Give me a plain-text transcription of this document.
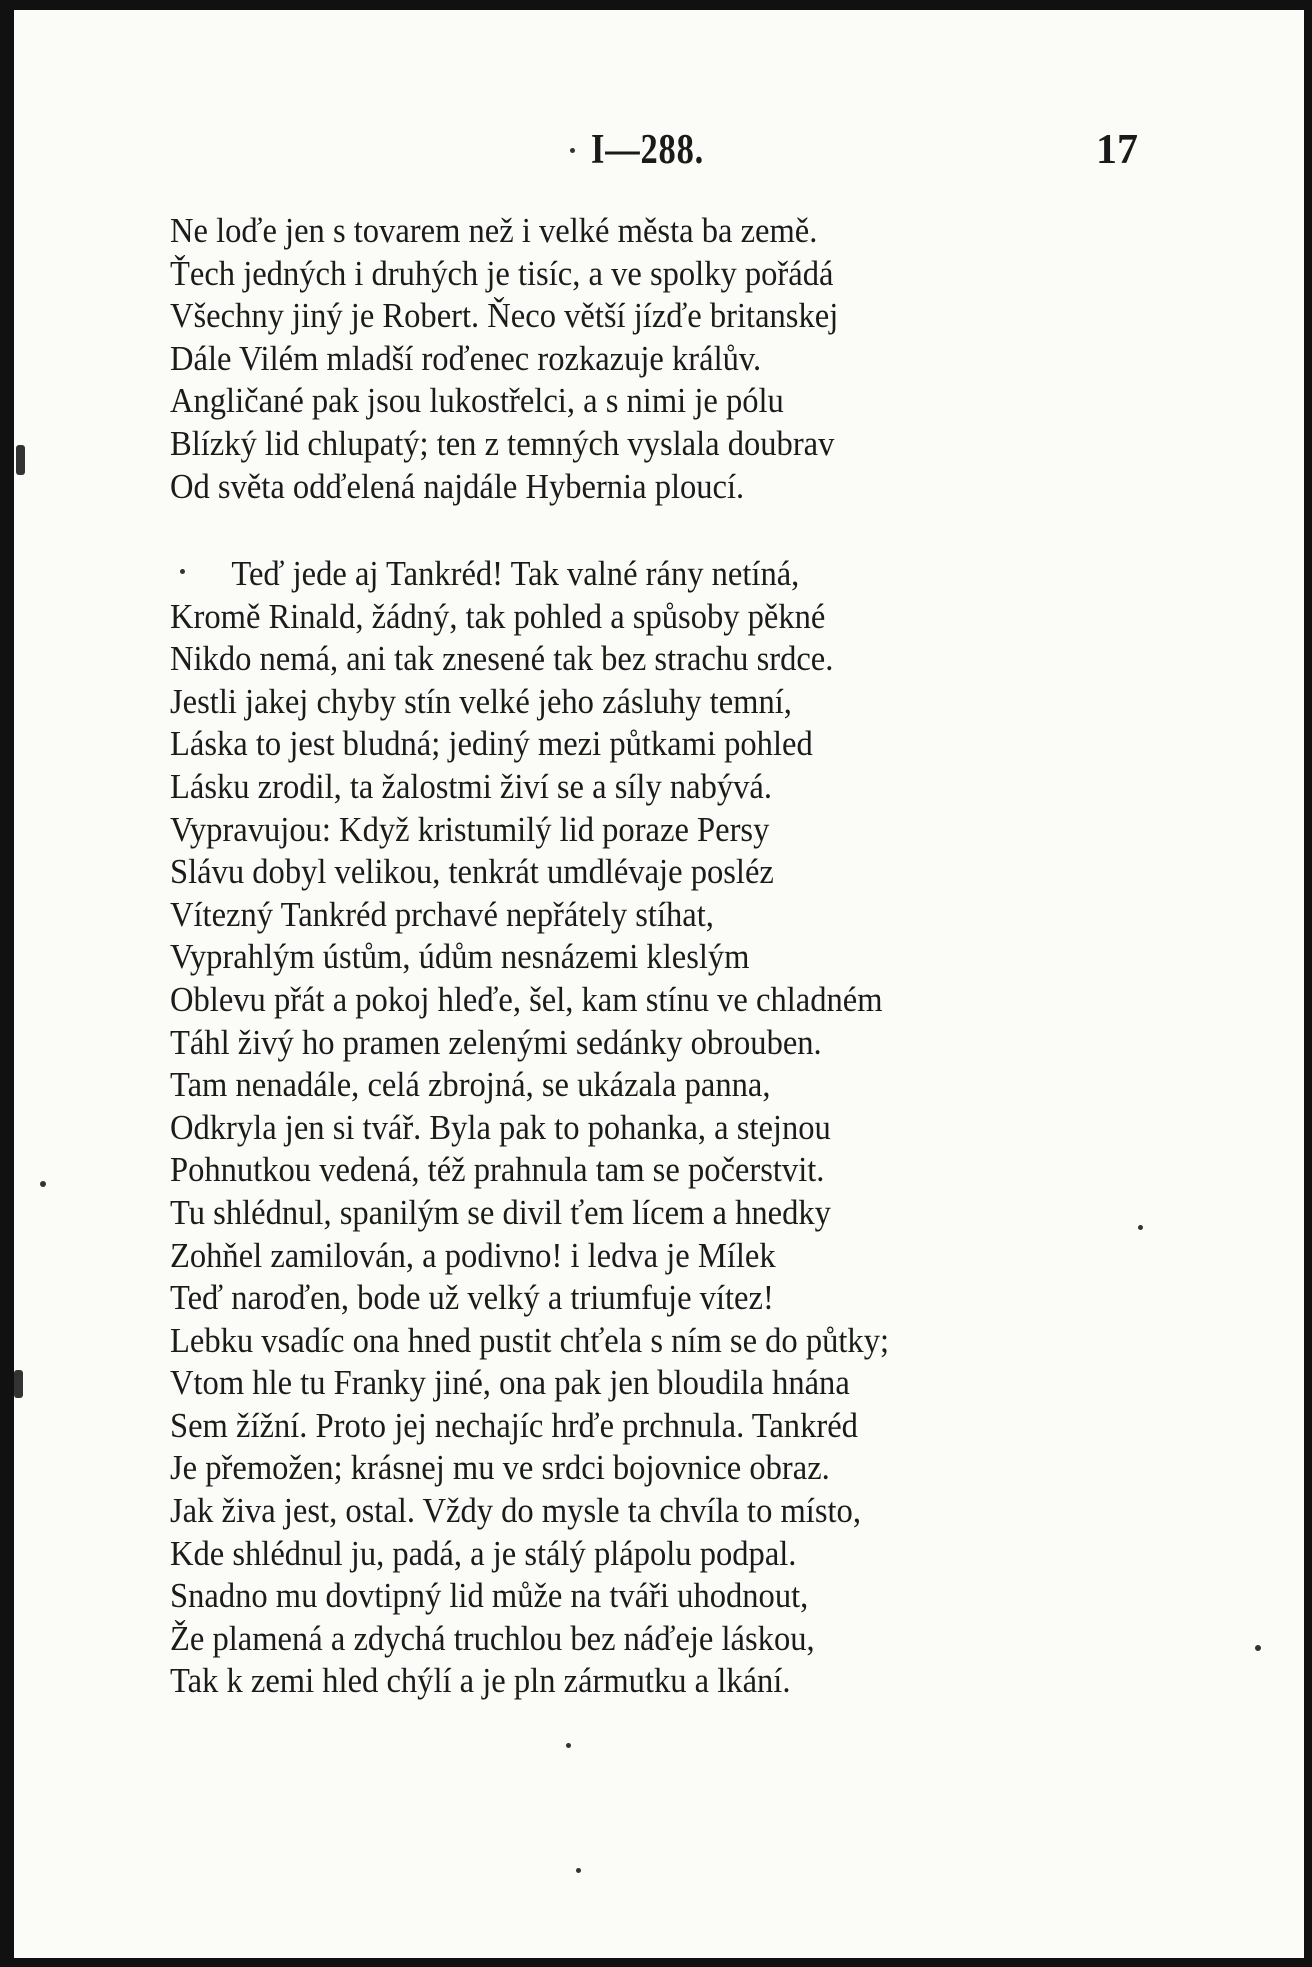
I—288.	17
Ne loďe jen s tovarem než i velké města ba země.
Ťech jedných i druhých je tisíc, a ve spolky pořádá
Všechny jiný je Robert. Ňeco větší jízďe britanskej
Dále Vilém mladší roďenec rozkazuje králův.
Angličané pak jsou lukostřelci, a s nimi je pólu
Blízký lid chlupatý; ten z temných vyslala doubrav
Od světa odďelená najdále Hybernia ploucí.
Teď jede aj Tankréd! Tak valné rány netíná,
Kromě Rinald, žádný, tak pohled a spůsoby pěkné
Nikdo nemá, ani tak znesené tak bez strachu srdce.
Jestli jakej chyby stín velké jeho zásluhy temní,
Láska to jest bludná; jediný mezi půtkami pohled
Lásku zrodil, ta žalostmi živí se a síly nabývá.
Vypravujou: Když kristumilý lid poraze Persy
Slávu dobyl velikou, tenkrát umdlévaje posléz
Vítezný Tankréd prchavé nepřátely stíhat,
Vyprahlým ústům, údům nesnázemi kleslým
Oblevu přát a pokoj hleďe, šel, kam stínu ve chladném
Táhl živý ho pramen zelenými sedánky obrouben.
Tam nenadále, celá zbrojná, se ukázala panna,
Odkryla jen si tvář. Byla pak to pohanka, a stejnou
Pohnutkou vedená, též prahnula tam se počerstvit.
Tu shlédnul, spanilým se divil ťem lícem a hnedky
Zohňel zamilován, a podivno! i ledva je Mílek
Teď naroďen, bode už velký a triumfuje vítez!
Lebku vsadíc ona hned pustit chťela s ním se do půtky;
Vtom hle tu Franky jiné, ona pak jen bloudila hnána
Sem žížní. Proto jej nechajíc hrďe prchnula. Tankréd
Je přemožen; krásnej mu ve srdci bojovnice obraz.
Jak živa jest, ostal. Vždy do mysle ta chvíla to místo,
Kde shlédnul ju, padá, a je stálý plápolu podpal.
Snadno mu dovtipný lid může na tváři uhodnout,
Že plamená a zdychá truchlou bez náďeje láskou,
Tak k zemi hled chýlí a je pln zármutku a lkání.
